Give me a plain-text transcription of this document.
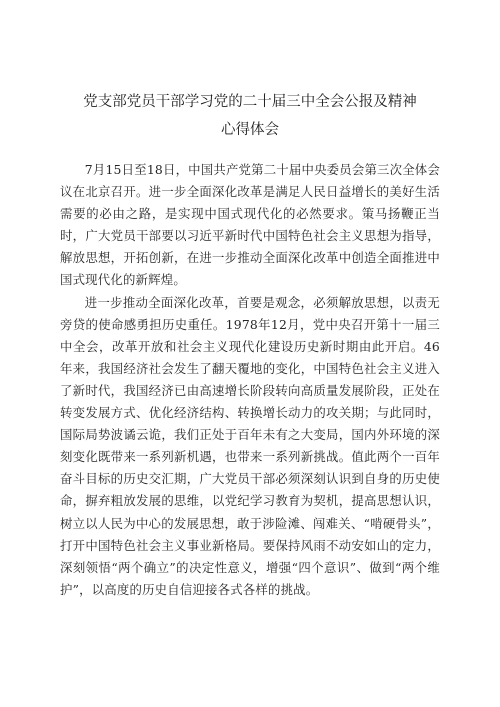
党支部党员干部学习党的二十届三中全会公报及精神
心得体会

7月15日至18日，中国共产党第二十届中央委员会第三次全体会议在北京召开。进一步全面深化改革是满足人民日益增长的美好生活需要的必由之路，是实现中国式现代化的必然要求。策马扬鞭正当时，广大党员干部要以习近平新时代中国特色社会主义思想为指导，解放思想，开拓创新，在进一步推动全面深化改革中创造全面推进中国式现代化的新辉煌。

进一步推动全面深化改革，首要是观念，必须解放思想，以责无旁贷的使命感勇担历史重任。1978年12月，党中央召开第十一届三中全会，改革开放和社会主义现代化建设历史新时期由此开启。46年来，我国经济社会发生了翻天覆地的变化，中国特色社会主义进入了新时代，我国经济已由高速增长阶段转向高质量发展阶段，正处在转变发展方式、优化经济结构、转换增长动力的攻关期；与此同时，国际局势波谲云诡，我们正处于百年未有之大变局，国内外环境的深刻变化既带来一系列新机遇，也带来一系列新挑战。值此两个一百年奋斗目标的历史交汇期，广大党员干部必须深刻认识到自身的历史使命，摒弃粗放发展的思维，以党纪学习教育为契机，提高思想认识，树立以人民为中心的发展思想，敢于涉险滩、闯难关、“啃硬骨头”，打开中国特色社会主义事业新格局。要保持风雨不动安如山的定力，深刻领悟“两个确立”的决定性意义，增强“四个意识”、做到“两个维护”，以高度的历史自信迎接各式各样的挑战。
